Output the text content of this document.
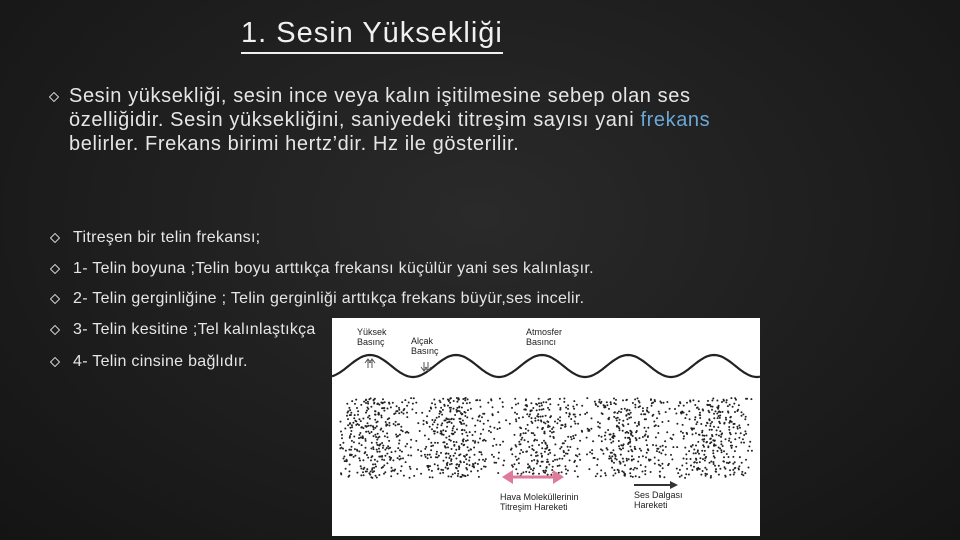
1. Sesin Yüksekliği
Sesin yüksekliği, sesin ince veya kalın işitilmesine sebep olan ses özelliğidir. Sesin yüksekliğini, saniyedeki titreşim sayısı yani frekans belirler. Frekans birimi hertz’dir. Hz ile gösterilir.
Titreşen bir telin frekansı;
1- Telin boyuna ;Telin boyu arttıkça frekansı küçülür yani ses kalınlaşır.
2- Telin gerginliğine ; Telin gerginliği arttıkça frekans büyür,ses incelir.
3- Telin kesitine ;Tel kalınlaştıkça
4- Telin cinsine bağlıdır.
Yüksek
Basınç	Alçak
Basınç
Atmosfer
Basıncı
Hava Moleküllerinin
Titreşim Hareketi
Ses Dalgası
Hareketi
